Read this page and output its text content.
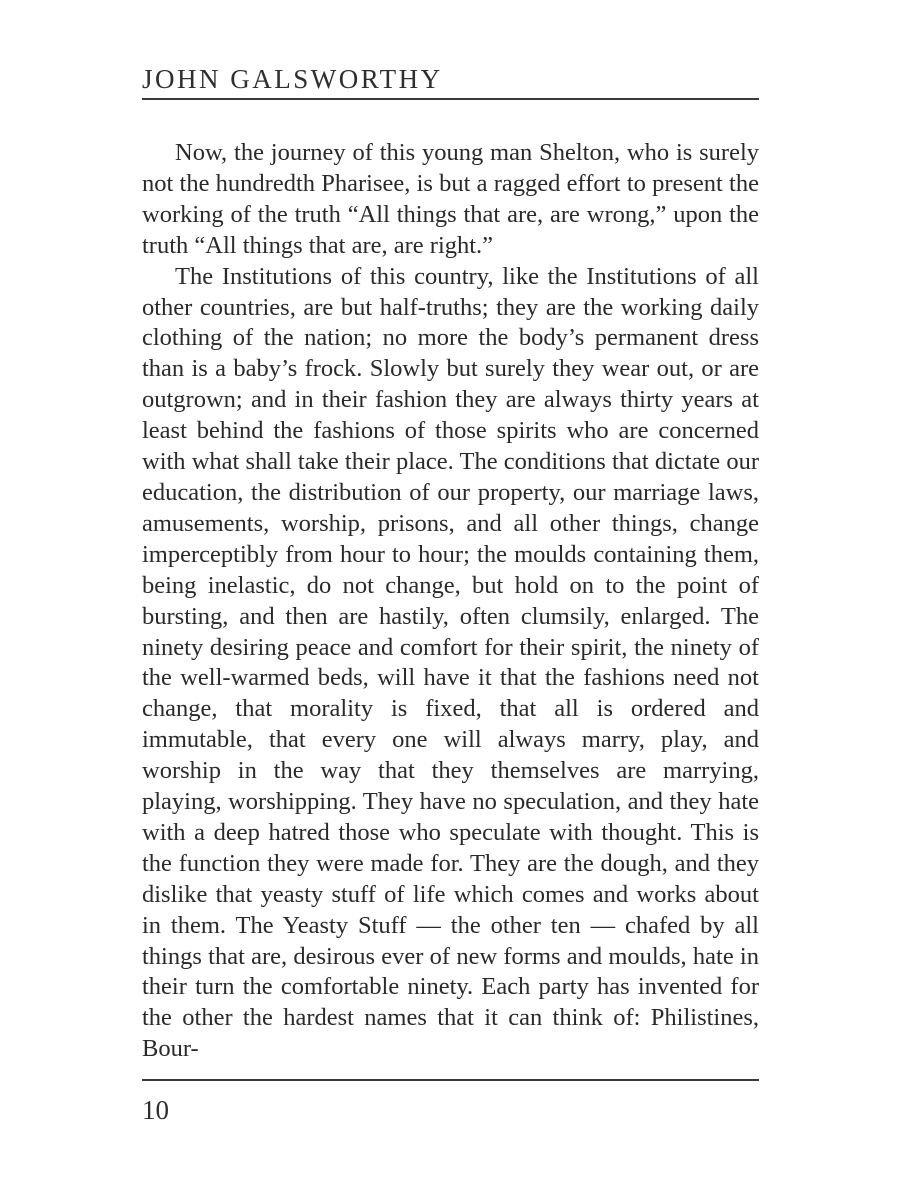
JOHN GALSWORTHY

Now, the journey of this young man Shelton, who is surely not the hundredth Pharisee, is but a ragged effort to present the working of the truth “All things that are, are wrong,” upon the truth “All things that are, are right.”

The Institutions of this country, like the Institutions of all other countries, are but half-truths; they are the working daily clothing of the nation; no more the body’s permanent dress than is a baby’s frock. Slowly but surely they wear out, or are outgrown; and in their fashion they are always thirty years at least behind the fashions of those spirits who are concerned with what shall take their place. The conditions that dictate our education, the distribution of our property, our marriage laws, amusements, worship, prisons, and all other things, change imperceptibly from hour to hour; the moulds containing them, being inelastic, do not change, but hold on to the point of bursting, and then are hastily, often clumsily, enlarged. The ninety desiring peace and comfort for their spirit, the ninety of the well-warmed beds, will have it that the fashions need not change, that morality is fixed, that all is ordered and immutable, that every one will always marry, play, and worship in the way that they themselves are marrying, playing, worshipping. They have no speculation, and they hate with a deep hatred those who speculate with thought. This is the function they were made for. They are the dough, and they dislike that yeasty stuff of life which comes and works about in them. The Yeasty Stuff — the other ten — chafed by all things that are, desirous ever of new forms and moulds, hate in their turn the comfortable ninety. Each party has invented for the other the hardest names that it can think of: Philistines, Bour-

10
